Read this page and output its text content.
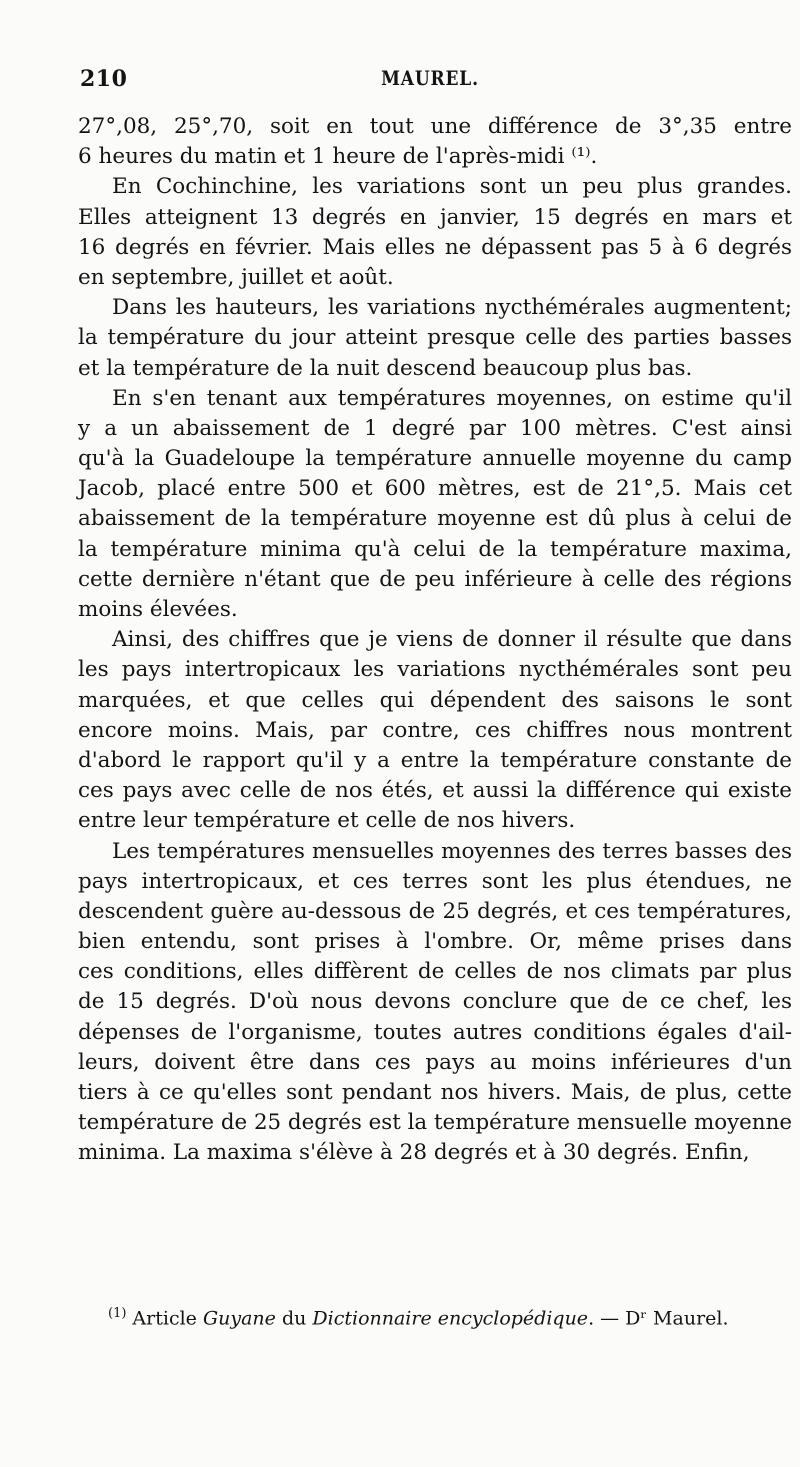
210	MAUREL.
27°,08, 25°,70, soit en tout une différence de 3°,35 entre
6 heures du matin et 1 heure de l'après-midi ⁽¹⁾.
En Cochinchine, les variations sont un peu plus grandes.
Elles atteignent 13 degrés en janvier, 15 degrés en mars et
16 degrés en février. Mais elles ne dépassent pas 5 à 6 degrés
en septembre, juillet et août.
Dans les hauteurs, les variations nycthémérales augmentent;
la température du jour atteint presque celle des parties basses
et la température de la nuit descend beaucoup plus bas.
En s'en tenant aux températures moyennes, on estime qu'il
y a un abaissement de 1 degré par 100 mètres. C'est ainsi
qu'à la Guadeloupe la température annuelle moyenne du camp
Jacob, placé entre 500 et 600 mètres, est de 21°,5. Mais cet
abaissement de la température moyenne est dû plus à celui de
la température minima qu'à celui de la température maxima,
cette dernière n'étant que de peu inférieure à celle des régions
moins élevées.
Ainsi, des chiffres que je viens de donner il résulte que dans
les pays intertropicaux les variations nycthémérales sont peu
marquées, et que celles qui dépendent des saisons le sont
encore moins. Mais, par contre, ces chiffres nous montrent
d'abord le rapport qu'il y a entre la température constante de
ces pays avec celle de nos étés, et aussi la différence qui existe
entre leur température et celle de nos hivers.
Les températures mensuelles moyennes des terres basses des
pays intertropicaux, et ces terres sont les plus étendues, ne
descendent guère au-dessous de 25 degrés, et ces températures,
bien entendu, sont prises à l'ombre. Or, même prises dans
ces conditions, elles diffèrent de celles de nos climats par plus
de 15 degrés. D'où nous devons conclure que de ce chef, les
dépenses de l'organisme, toutes autres conditions égales d'ail-
leurs, doivent être dans ces pays au moins inférieures d'un
tiers à ce qu'elles sont pendant nos hivers. Mais, de plus, cette
température de 25 degrés est la température mensuelle moyenne
minima. La maxima s'élève à 28 degrés et à 30 degrés. Enfin,
$^{(1)}$ Article Guyane du Dictionnaire encyclopédique. — Dʳ Maurel.
